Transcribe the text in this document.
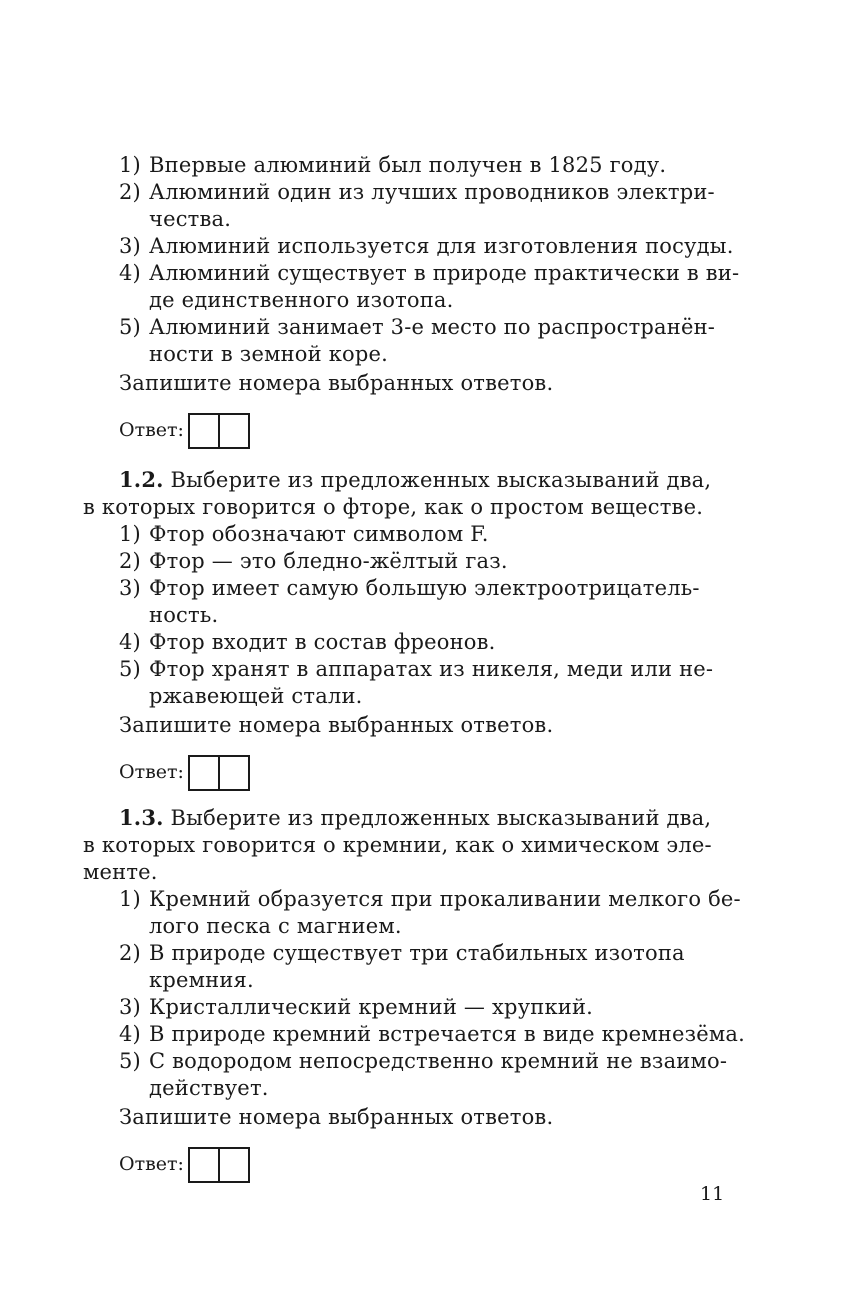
1) Впервые алюминий был получен в 1825 году.
2) Алюминий один из лучших проводников электри-
чества.
3) Алюминий используется для изготовления посуды.
4) Алюминий существует в природе практически в ви-
де единственного изотопа.
5) Алюминий занимает 3-е место по распространён-
ности в земной коре.
Запишите номера выбранных ответов.
Ответ:
1.2. Выберите из предложенных высказываний два,
в которых говорится о фторе, как о простом веществе.
1) Фтор обозначают символом F.
2) Фтор — это бледно-жёлтый газ.
3) Фтор имеет самую большую электроотрицатель-
ность.
4) Фтор входит в состав фреонов.
5) Фтор хранят в аппаратах из никеля, меди или не-
ржавеющей стали.
Запишите номера выбранных ответов.
Ответ:
1.3. Выберите из предложенных высказываний два,
в которых говорится о кремнии, как о химическом эле-
менте.
1) Кремний образуется при прокаливании мелкого бе-
лого песка с магнием.
2) В природе существует три стабильных изотопа
кремния.
3) Кристаллический кремний — хрупкий.
4) В природе кремний встречается в виде кремнезёма.
5) С водородом непосредственно кремний не взаимо-
действует.
Запишите номера выбранных ответов.
Ответ:
11
